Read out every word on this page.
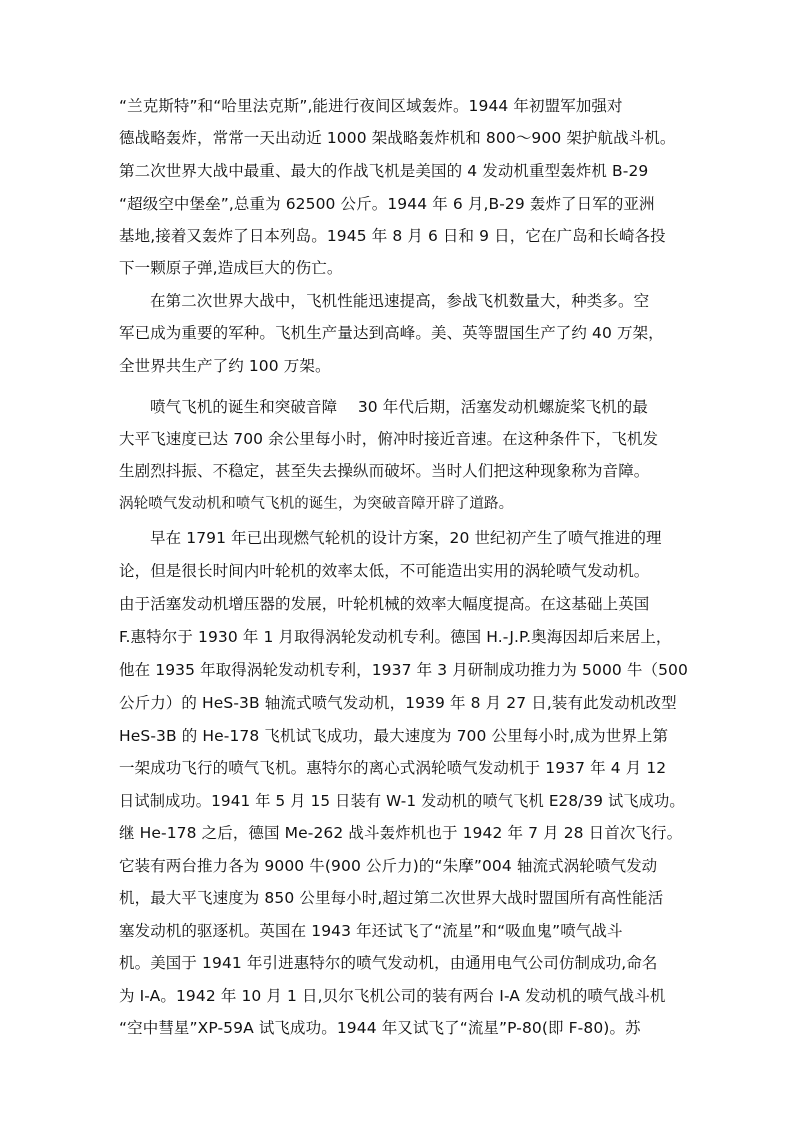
“兰克斯特”和“哈里法克斯”,能进行夜间区域轰炸。1944 年初盟军加强对
德战略轰炸，常常一天出动近 1000 架战略轰炸机和 800～900 架护航战斗机。
第二次世界大战中最重、最大的作战飞机是美国的 4 发动机重型轰炸机 B-29
“超级空中堡垒”,总重为 62500 公斤。1944 年 6 月,B-29 轰炸了日军的亚洲
基地,接着又轰炸了日本列岛。1945 年 8 月 6 日和 9 日，它在广岛和长崎各投
下一颗原子弹,造成巨大的伤亡。
在第二次世界大战中，飞机性能迅速提高，参战飞机数量大，种类多。空
军已成为重要的军种。飞机生产量达到高峰。美、英等盟国生产了约 40 万架，
全世界共生产了约 100 万架。
喷气飞机的诞生和突破音障　 30 年代后期，活塞发动机螺旋桨飞机的最
大平飞速度已达 700 余公里每小时，俯冲时接近音速。在这种条件下，飞机发
生剧烈抖振、不稳定，甚至失去操纵而破坏。当时人们把这种现象称为音障。
涡轮喷气发动机和喷气飞机的诞生，为突破音障开辟了道路。
早在 1791 年已出现燃气轮机的设计方案，20 世纪初产生了喷气推进的理
论，但是很长时间内叶轮机的效率太低，不可能造出实用的涡轮喷气发动机。
由于活塞发动机增压器的发展，叶轮机械的效率大幅度提高。在这基础上英国
F.惠特尔于 1930 年 1 月取得涡轮发动机专利。德国 H.-J.P.奥海因却后来居上，
他在 1935 年取得涡轮发动机专利，1937 年 3 月研制成功推力为 5000 牛（500
公斤力）的 HeS-3B 轴流式喷气发动机，1939 年 8 月 27 日,装有此发动机改型
HeS-3B 的 He-178 飞机试飞成功，最大速度为 700 公里每小时,成为世界上第
一架成功飞行的喷气飞机。惠特尔的离心式涡轮喷气发动机于 1937 年 4 月 12
日试制成功。1941 年 5 月 15 日装有 W-1 发动机的喷气飞机 E28/39 试飞成功。
继 He-178 之后，德国 Me-262 战斗轰炸机也于 1942 年 7 月 28 日首次飞行。
它装有两台推力各为 9000 牛(900 公斤力)的“朱摩”004 轴流式涡轮喷气发动
机，最大平飞速度为 850 公里每小时,超过第二次世界大战时盟国所有高性能活
塞发动机的驱逐机。英国在 1943 年还试飞了“流星”和“吸血鬼”喷气战斗
机。美国于 1941 年引进惠特尔的喷气发动机，由通用电气公司仿制成功,命名
为 I-A。1942 年 10 月 1 日,贝尔飞机公司的装有两台 I-A 发动机的喷气战斗机
“空中彗星”XP-59A 试飞成功。1944 年又试飞了“流星”P-80(即 F-80)。苏
